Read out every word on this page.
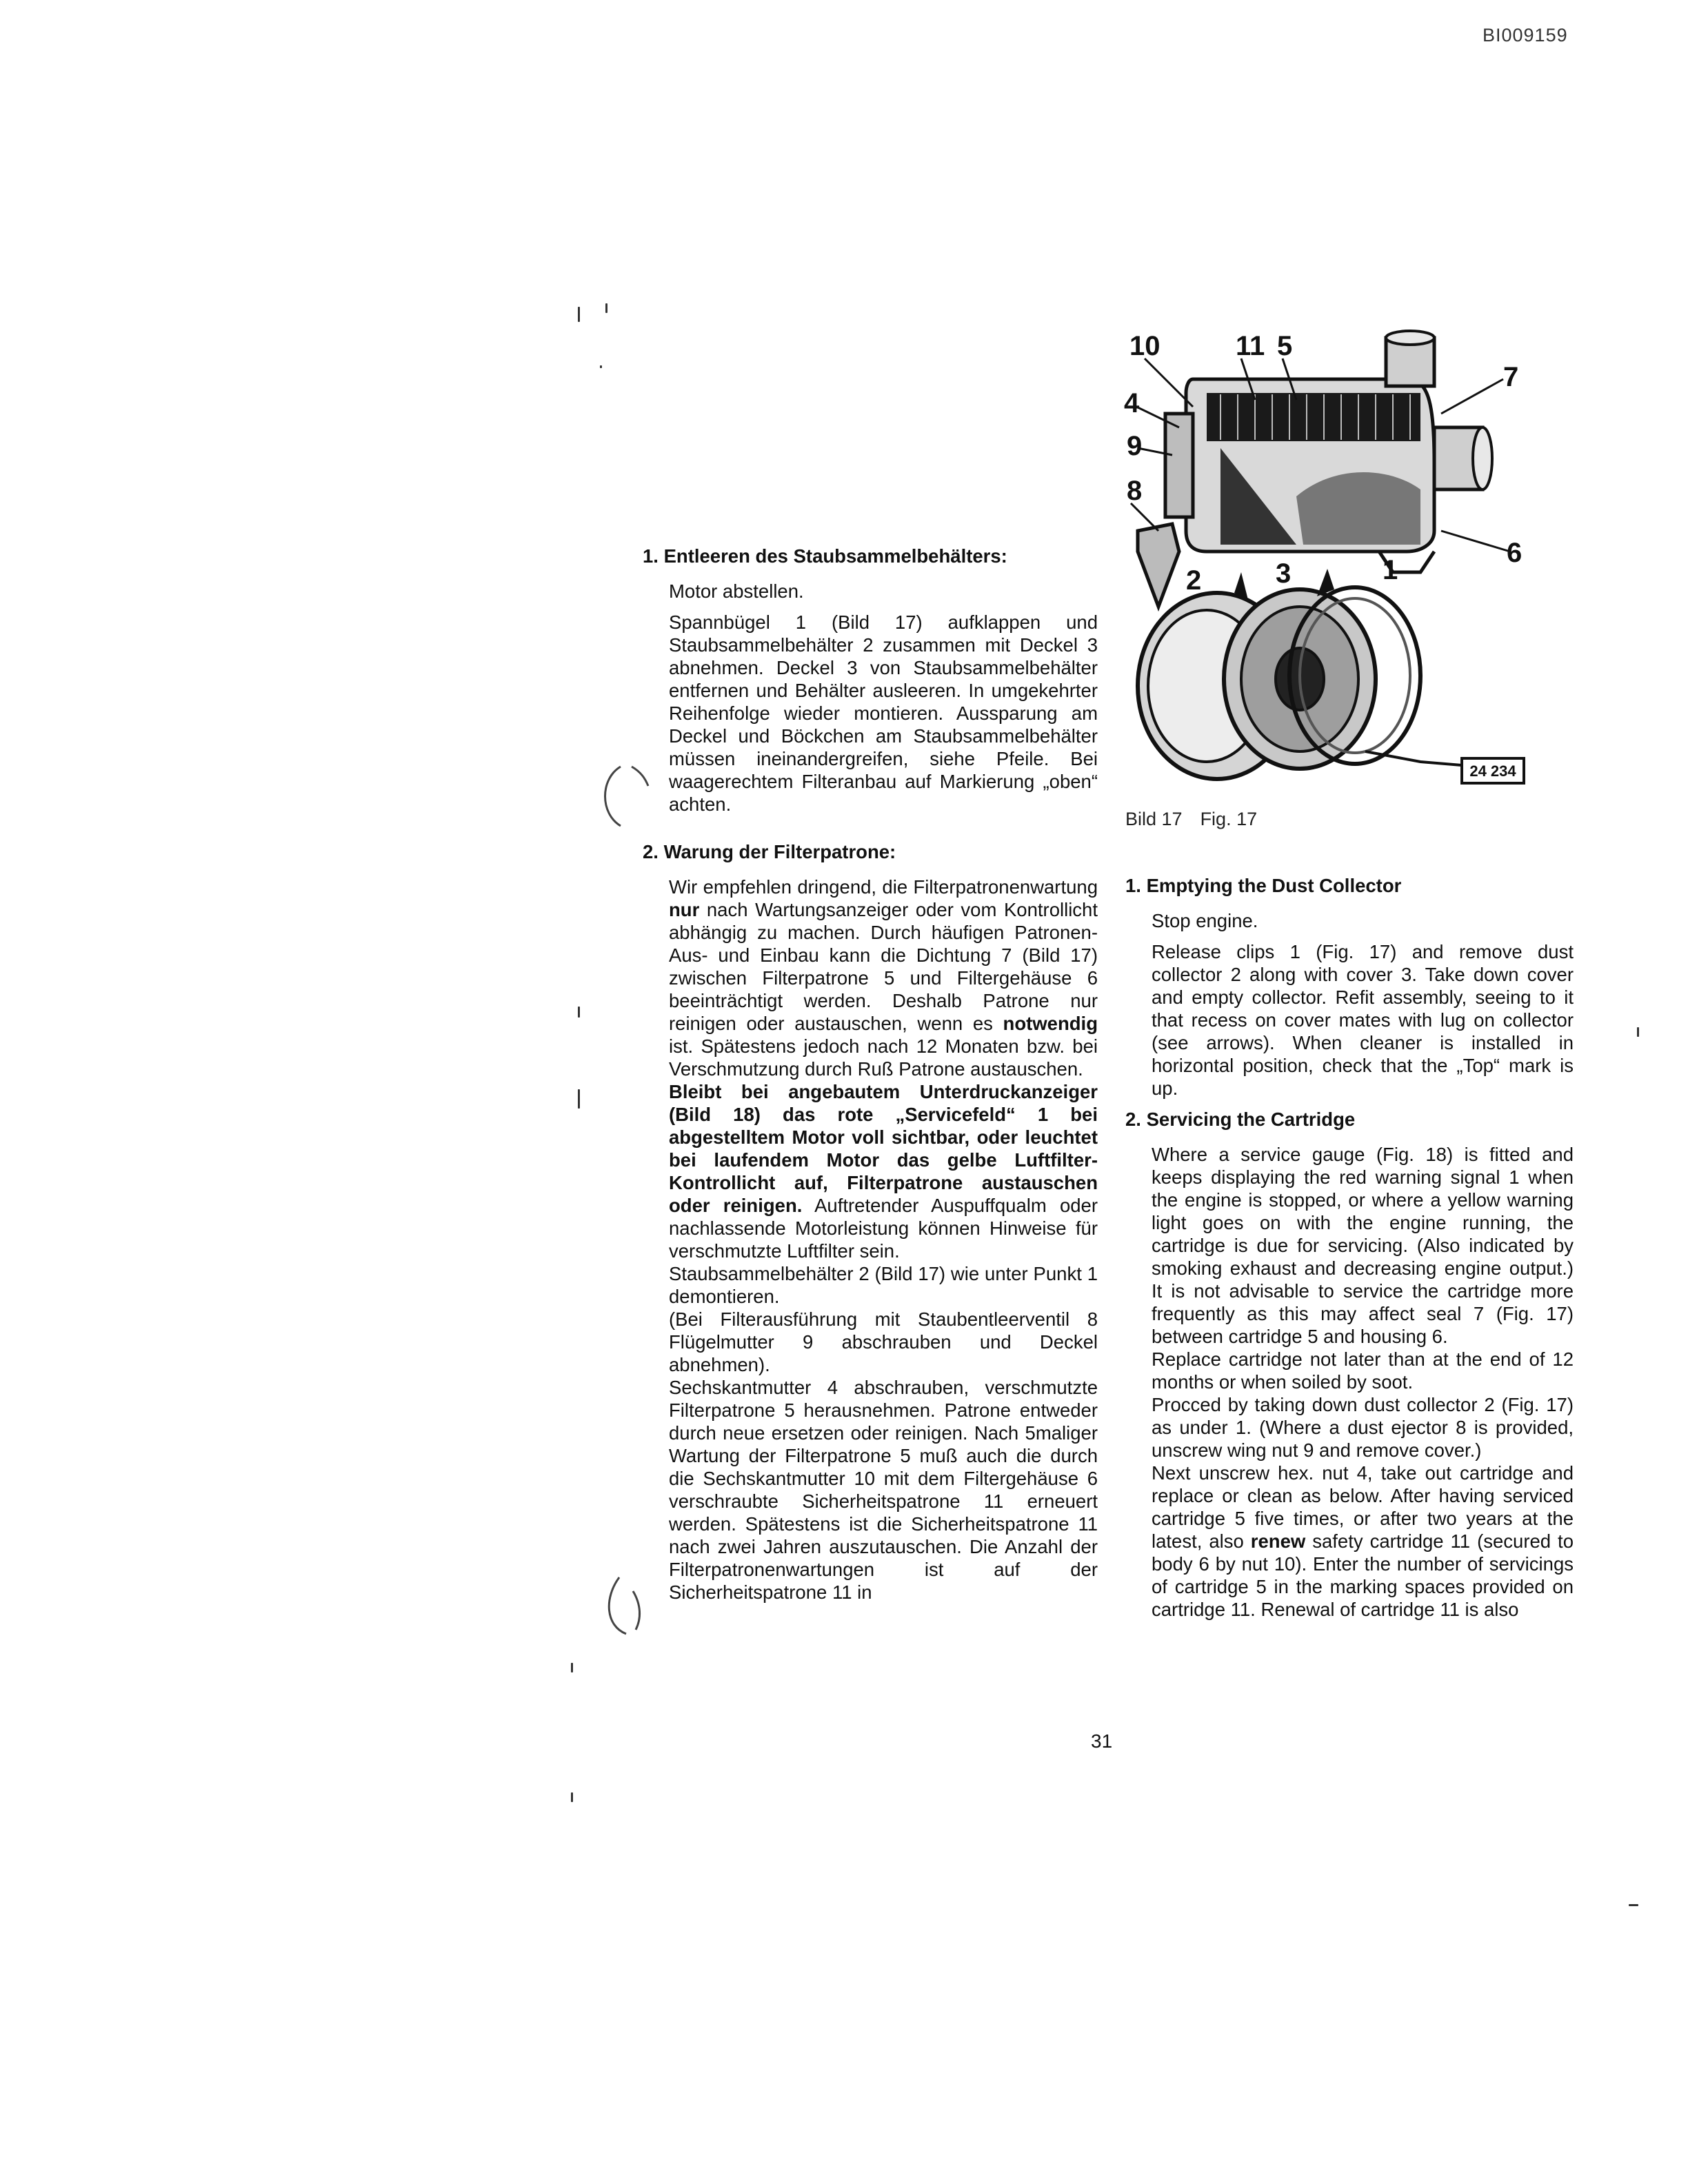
BI009159
24 234
10	11 5
4
9
8
7
6
2	3	1
Bild 17 Fig. 17
1. Entleeren des Staubsammelbehälters:

Motor abstellen.

Spannbügel 1 (Bild 17) aufklappen und Staubsammelbehälter 2 zusammen mit Deckel 3 abnehmen. Deckel 3 von Staubsammelbehälter entfernen und Behälter ausleeren. In umgekehrter Reihenfolge wieder montieren. Aussparung am Deckel und Böckchen am Staubsammelbehälter müssen ineinandergreifen, siehe Pfeile. Bei waagerechtem Filteranbau auf Markierung „oben“ achten.

2. Warung der Filterpatrone:

Wir empfehlen dringend, die Filterpatronenwartung nur nach Wartungsanzeiger oder vom Kontrollicht abhängig zu machen. Durch häufigen Patronen-Aus- und Einbau kann die Dichtung 7 (Bild 17) zwischen Filterpatrone 5 und Filtergehäuse 6 beeinträchtigt werden. Deshalb Patrone nur reinigen oder austauschen, wenn es notwendig ist. Spätestens jedoch nach 12 Monaten bzw. bei Verschmutzung durch Ruß Patrone austauschen.

Bleibt bei angebautem Unterdruckanzeiger (Bild 18) das rote „Servicefeld“ 1 bei abgestelltem Motor voll sichtbar, oder leuchtet bei laufendem Motor das gelbe Luftfilter-Kontrollicht auf, Filterpatrone austauschen oder reinigen. Auftretender Auspuffqualm oder nachlassende Motorleistung können Hinweise für verschmutzte Luftfilter sein.

Staubsammelbehälter 2 (Bild 17) wie unter Punkt 1 demontieren.

(Bei Filterausführung mit Staubentleerventil 8 Flügelmutter 9 abschrauben und Deckel abnehmen).

Sechskantmutter 4 abschrauben, verschmutzte Filterpatrone 5 herausnehmen. Patrone entweder durch neue ersetzen oder reinigen. Nach 5maliger Wartung der Filterpatrone 5 muß auch die durch die Sechskantmutter 10 mit dem Filtergehäuse 6 verschraubte Sicherheitspatrone 11 erneuert werden. Spätestens ist die Sicherheitspatrone 11 nach zwei Jahren auszutauschen. Die Anzahl der Filterpatronenwartungen ist auf der Sicherheitspatrone 11 in

1. Emptying the Dust Collector

Stop engine.

Release clips 1 (Fig. 17) and remove dust collector 2 along with cover 3. Take down cover and empty collector. Refit assembly, seeing to it that recess on cover mates with lug on collector (see arrows). When cleaner is installed in horizontal position, check that the „Top“ mark is up.

2. Servicing the Cartridge

Where a service gauge (Fig. 18) is fitted and keeps displaying the red warning signal 1 when the engine is stopped, or where a yellow warning light goes on with the engine running, the cartridge is due for servicing. (Also indicated by smoking exhaust and decreasing engine output.) It is not advisable to service the cartridge more frequently as this may affect seal 7 (Fig. 17) between cartridge 5 and housing 6.

Replace cartridge not later than at the end of 12 months or when soiled by soot.

Procced by taking down dust collector 2 (Fig. 17) as under 1. (Where a dust ejector 8 is provided, unscrew wing nut 9 and remove cover.)

Next unscrew hex. nut 4, take out cartridge and replace or clean as below. After having serviced cartridge 5 five times, or after two years at the latest, also renew safety cartridge 11 (secured to body 6 by nut 10). Enter the number of servicings of cartridge 5 in the marking spaces provided on cartridge 11. Renewal of cartridge 11 is also

31
